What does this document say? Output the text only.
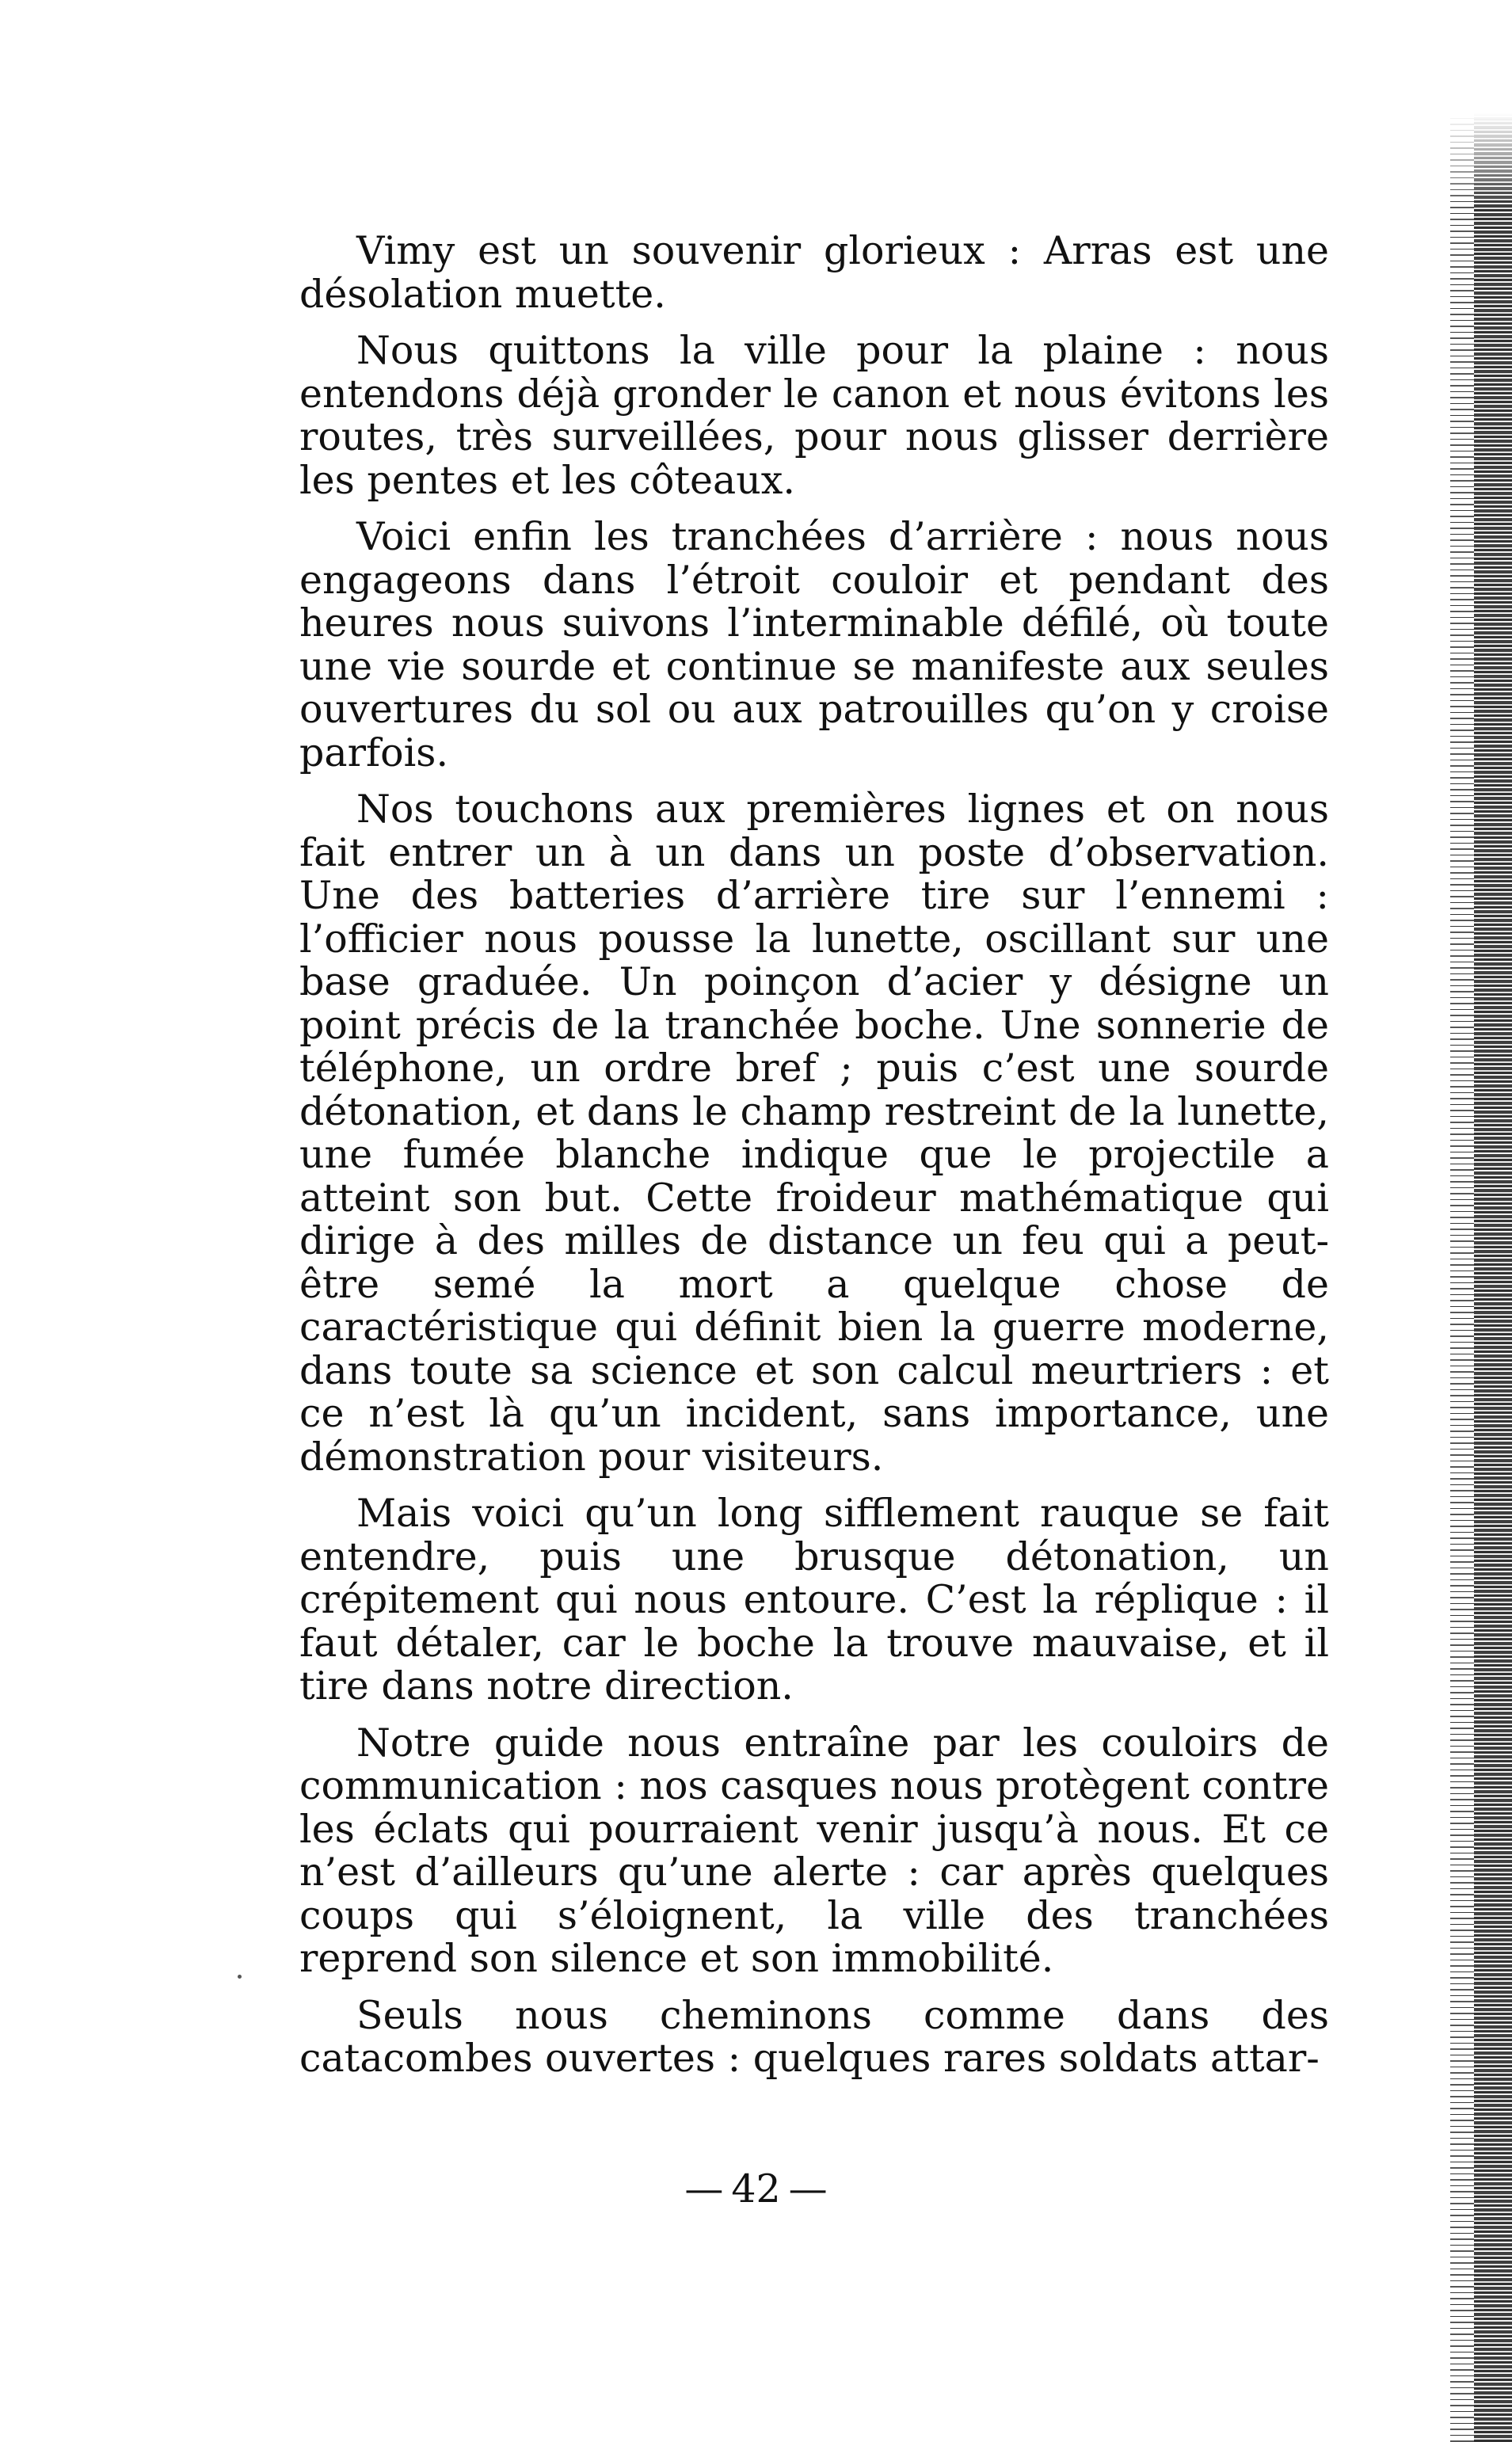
Vimy est un souvenir glorieux : Arras est une désolation muette.

Nous quittons la ville pour la plaine : nous entendons déjà gronder le canon et nous évitons les routes, très surveillées, pour nous glisser derrière les pentes et les côteaux.

Voici enfin les tranchées d’arrière : nous nous engageons dans l’étroit couloir et pendant des heures nous suivons l’interminable défilé, où toute une vie sourde et continue se manifeste aux seules ouvertures du sol ou aux patrouilles qu’on y croise parfois.

Nos touchons aux premières lignes et on nous fait entrer un à un dans un poste d’observation. Une des batteries d’arrière tire sur l’ennemi : l’officier nous pousse la lunette, oscillant sur une base graduée. Un poinçon d’acier y désigne un point précis de la tranchée boche. Une sonnerie de téléphone, un ordre bref ; puis c’est une sourde détonation, et dans le champ restreint de la lunette, une fumée blanche indique que le projectile a atteint son but. Cette froideur mathématique qui dirige à des milles de distance un feu qui a peut-être semé la mort a quelque chose de caractéristique qui définit bien la guerre moderne, dans toute sa science et son calcul meurtriers : et ce n’est là qu’un incident, sans importance, une démonstration pour visiteurs.

Mais voici qu’un long sifflement rauque se fait entendre, puis une brusque détonation, un crépitement qui nous entoure. C’est la réplique : il faut détaler, car le boche la trouve mauvaise, et il tire dans notre direction.

Notre guide nous entraîne par les couloirs de communication : nos casques nous protègent contre les éclats qui pourraient venir jusqu’à nous. Et ce n’est d’ailleurs qu’une alerte : car après quelques coups qui s’éloignent, la ville des tranchées reprend son silence et son immobilité.

Seuls nous cheminons comme dans des catacombes ouvertes : quelques rares soldats attar-

— 42 —
